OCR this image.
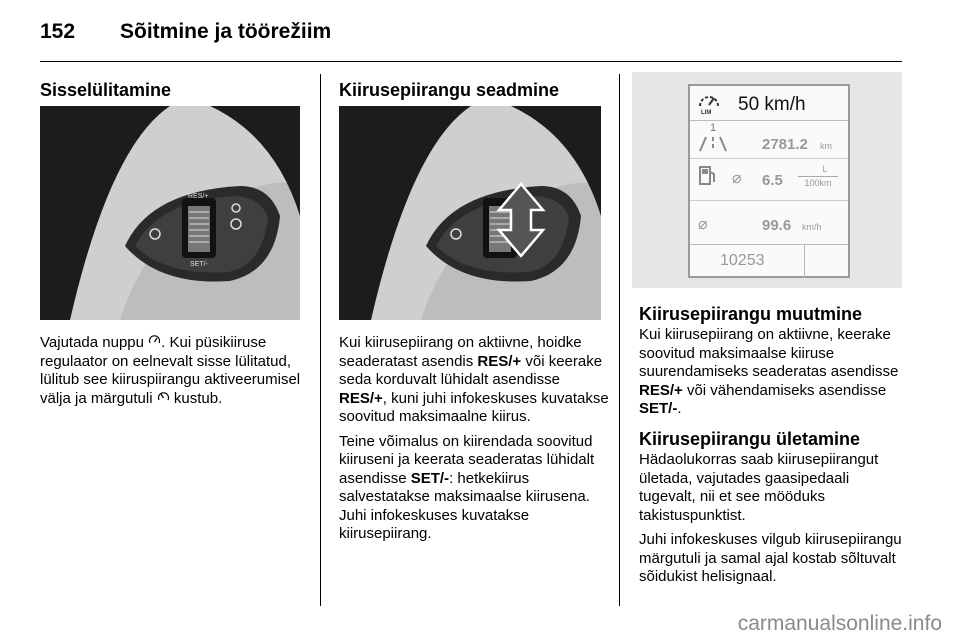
152 Sõitmine ja töörežiim
Sisselülitamine
RES/+
SET/-

Vajutada nuppu . Kui püsikiiruse regulaator on eelnevalt sisse lülitatud, lülitub see kiiruspiirangu aktiveerumisel välja ja märgutuli kustub.

Kiirusepiirangu seadmine

Kui kiirusepiirang on aktiivne, hoidke seaderatast asendis RES/+ või keerake seda korduvalt lühidalt asendisse RES/+, kuni juhi infokeskuses kuvatakse soovitud maksimaalne kiirus.

Teine võimalus on kiirendada soovitud kiiruseni ja keerata seaderatas lühidalt asendisse SET/-: hetkekiirus salvestatakse maksimaalse kiirusena. Juhi infokeskuses kuvatakse kiirusepiirang.

LIM 50 km/h
1
2781.2 km
⌀ 6.5
L
100km
⌀	99.6 km/h
10253
Kiirusepiirangu muutmine

Kui kiirusepiirang on aktiivne, keerake soovitud maksimaalse kiiruse suurendamiseks seaderatas asendisse RES/+ või vähendamiseks asendisse SET/-.

Kiirusepiirangu ületamine

Hädaolukorras saab kiirusepiirangut ületada, vajutades gaasipedaali tugevalt, nii et see mööduks takistuspunktist.

Juhi infokeskuses vilgub kiirusepiirangu märgutuli ja samal ajal kostab sõltuvalt sõidukist helisignaal.

carmanualsonline.info
